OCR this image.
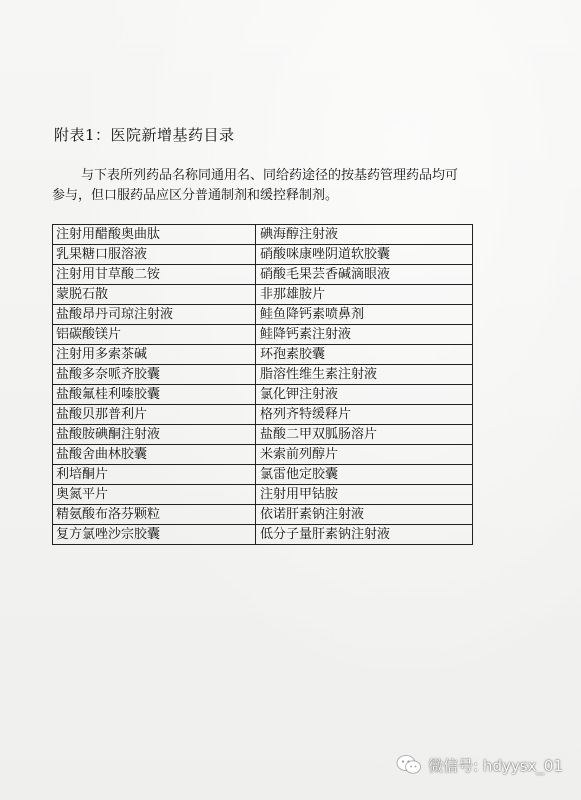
附表1：医院新增基药目录
与下表所列药品名称同通用名、同给药途径的按基药管理药品均可
参与，但口服药品应区分普通制剂和缓控释制剂。
注射用醋酸奥曲肽	碘海醇注射液
乳果糖口服溶液	硝酸咪康唑阴道软胶囊
注射用甘草酸二铵	硝酸毛果芸香碱滴眼液
蒙脱石散	非那雄胺片
盐酸昂丹司琼注射液	鲑鱼降钙素喷鼻剂
铝碳酸镁片	鲑降钙素注射液
注射用多索茶碱	环孢素胶囊
盐酸多奈哌齐胶囊	脂溶性维生素注射液
盐酸氟桂利嗪胶囊	氯化钾注射液
盐酸贝那普利片	格列齐特缓释片
盐酸胺碘酮注射液	盐酸二甲双胍肠溶片
盐酸舍曲林胶囊	米索前列醇片
利培酮片	氯雷他定胶囊
奥氮平片	注射用甲钴胺
精氨酸布洛芬颗粒	依诺肝素钠注射液
复方氯唑沙宗胶囊	低分子量肝素钠注射液
微信号: hdyysx_01
